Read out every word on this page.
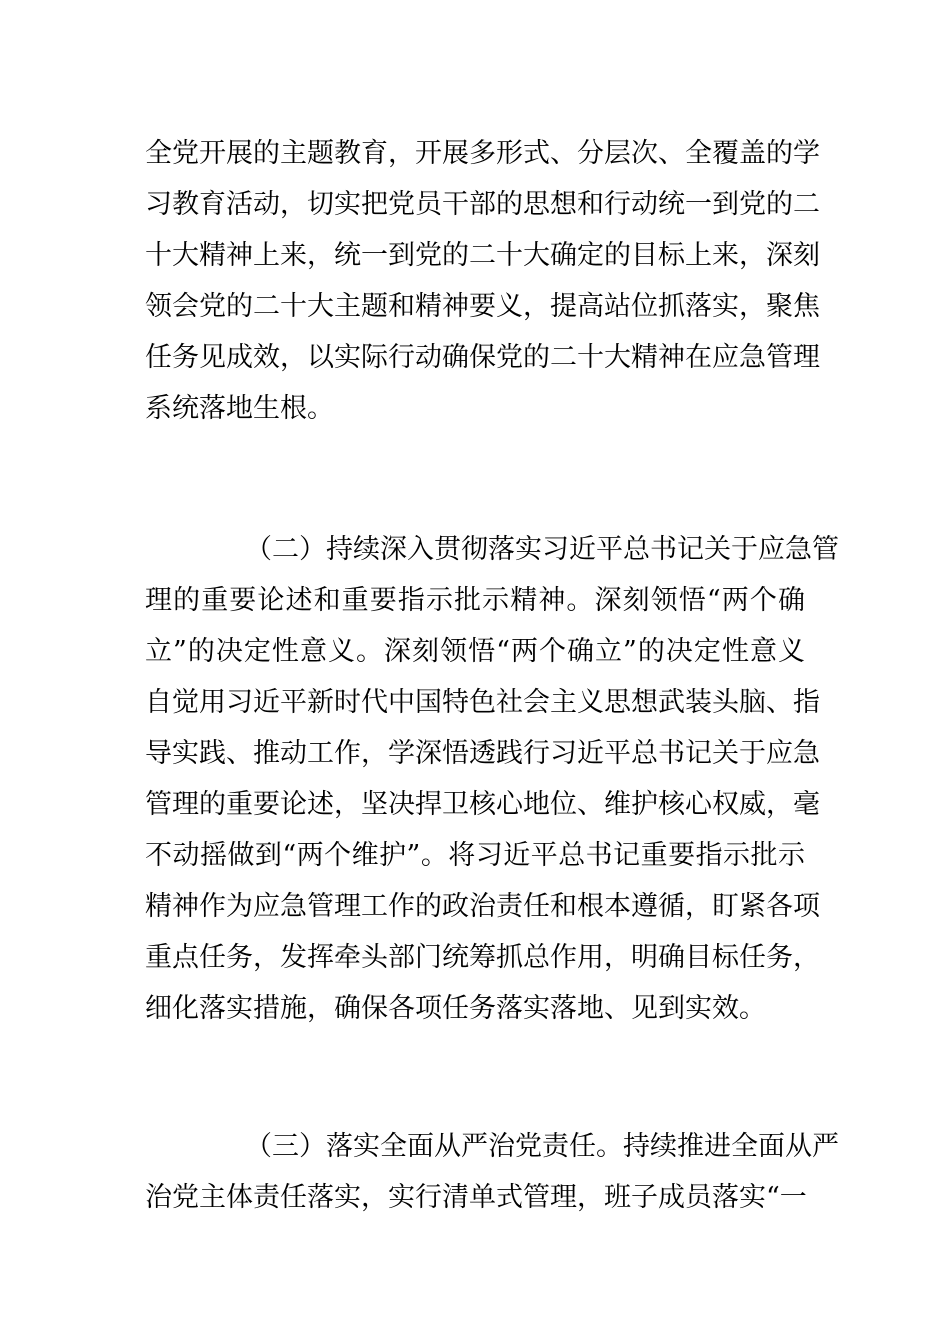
全党开展的主题教育，开展多形式、分层次、全覆盖的学
习教育活动，切实把党员干部的思想和行动统一到党的二
十大精神上来，统一到党的二十大确定的目标上来，深刻
领会党的二十大主题和精神要义，提高站位抓落实，聚焦
任务见成效，以实际行动确保党的二十大精神在应急管理
系统落地生根。
（二）持续深入贯彻落实习近平总书记关于应急管
理的重要论述和重要指示批示精神。深刻领悟“两个确
立”的决定性意义。深刻领悟“两个确立”的决定性意义
自觉用习近平新时代中国特色社会主义思想武装头脑、指
导实践、推动工作，学深悟透践行习近平总书记关于应急
管理的重要论述，坚决捍卫核心地位、维护核心权威，毫
不动摇做到“两个维护”。将习近平总书记重要指示批示
精神作为应急管理工作的政治责任和根本遵循，盯紧各项
重点任务，发挥牵头部门统筹抓总作用，明确目标任务，
细化落实措施，确保各项任务落实落地、见到实效。
（三）落实全面从严治党责任。持续推进全面从严
治党主体责任落实，实行清单式管理，班子成员落实“一
